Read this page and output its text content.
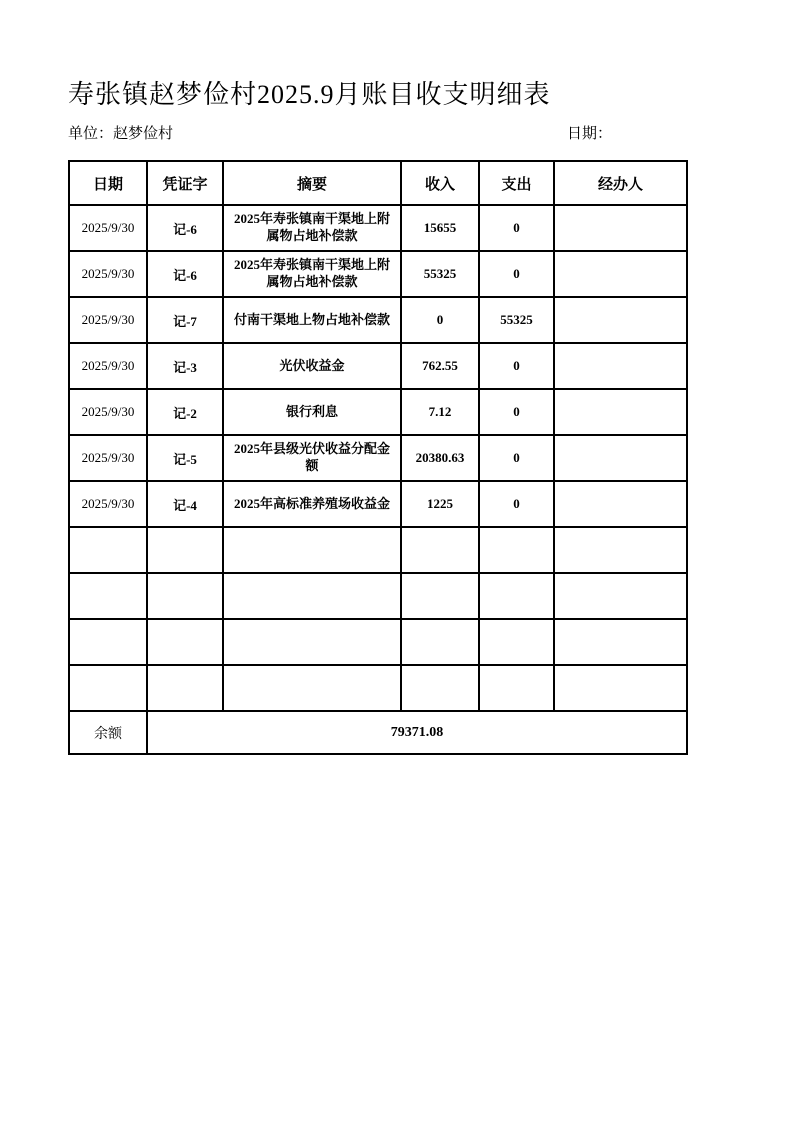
寿张镇赵梦俭村2025.9月账目收支明细表
单位：赵梦俭村	日期：
日期	凭证字	摘要	收入	支出	经办人
2025/9/30	记-6	2025年寿张镇南干渠地上附属物占地补偿款	15655	0	
2025/9/30	记-6	2025年寿张镇南干渠地上附属物占地补偿款	55325	0	
2025/9/30	记-7	付南干渠地上物占地补偿款	0	55325	
2025/9/30	记-3	光伏收益金	762.55	0	
2025/9/30	记-2	银行利息	7.12	0	
2025/9/30	记-5	2025年县级光伏收益分配金额	20380.63	0	
2025/9/30	记-4	2025年高标准养殖场收益金	1225	0	

余额	79371.08				
